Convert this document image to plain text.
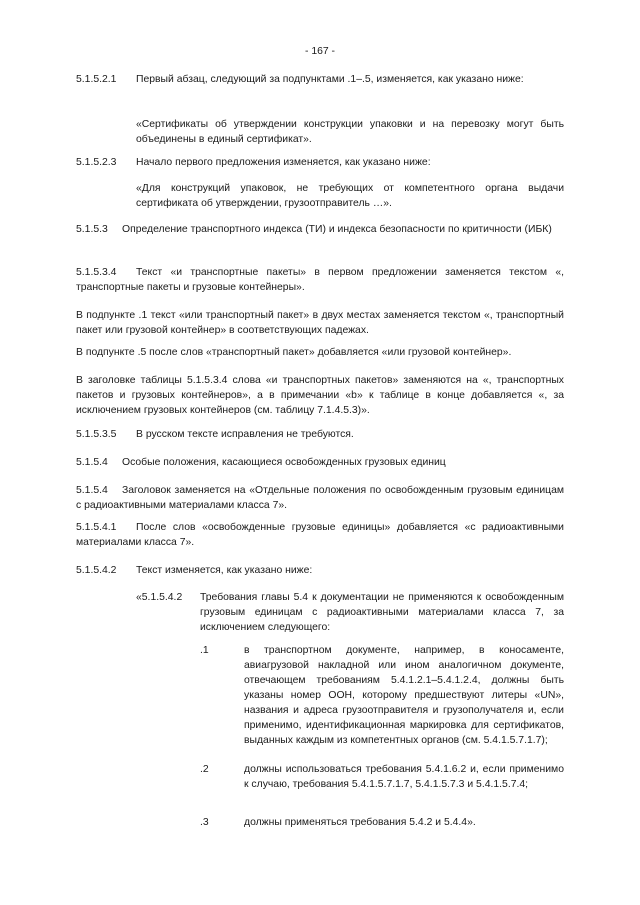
- 167 -

5.1.5.2.1 Первый абзац, следующий за подпунктами .1–.5, изменяется, как указано ниже:

«Сертификаты об утверждении конструкции упаковки и на перевозку могут быть объединены в единый сертификат».

5.1.5.2.3 Начало первого предложения изменяется, как указано ниже:

«Для конструкций упаковок, не требующих от компетентного органа выдачи сертификата об утверждении, грузоотправитель …».

5.1.5.3 Определение транспортного индекса (ТИ) и индекса безопасности по критичности (ИБК)

5.1.5.3.4 Текст «и транспортные пакеты» в первом предложении заменяется текстом «, транспортные пакеты и грузовые контейнеры».

В подпункте .1 текст «или транспортный пакет» в двух местах заменяется текстом «, транспортный пакет или грузовой контейнер» в соответствующих падежах.

В подпункте .5 после слов «транспортный пакет» добавляется «или грузовой контейнер».

В заголовке таблицы 5.1.5.3.4 слова «и транспортных пакетов» заменяются на «, транспортных пакетов и грузовых контейнеров», а в примечании «b» к таблице в конце добавляется «, за исключением грузовых контейнеров (см. таблицу 7.1.4.5.3)».

5.1.5.3.5 В русском тексте исправления не требуются.

5.1.5.4 Особые положения, касающиеся освобожденных грузовых единиц

5.1.5.4 Заголовок заменяется на «Отдельные положения по освобожденным грузовым единицам с радиоактивными материалами класса 7».

5.1.5.4.1 После слов «освобожденные грузовые единицы» добавляется «с радиоактивными материалами класса 7».

5.1.5.4.2 Текст изменяется, как указано ниже:

«5.1.5.4.2	Требования главы 5.4 к документации не применяются к освобожденным грузовым единицам с радиоактивными материалами класса 7, за исключением следующего:
.1	в транспортном документе, например, в коносаменте, авиагрузовой накладной или ином аналогичном документе, отвечающем требованиям 5.4.1.2.1–5.4.1.2.4, должны быть указаны номер ООН, которому предшествуют литеры «UN», названия и адреса грузоотправителя и грузополучателя и, если применимо, идентификационная маркировка для сертификатов, выданных каждым из компетентных органов (см. 5.4.1.5.7.1.7);
.2	должны использоваться требования 5.4.1.6.2 и, если применимо к случаю, требования 5.4.1.5.7.1.7, 5.4.1.5.7.3 и 5.4.1.5.7.4;
.3	должны применяться требования 5.4.2 и 5.4.4».
